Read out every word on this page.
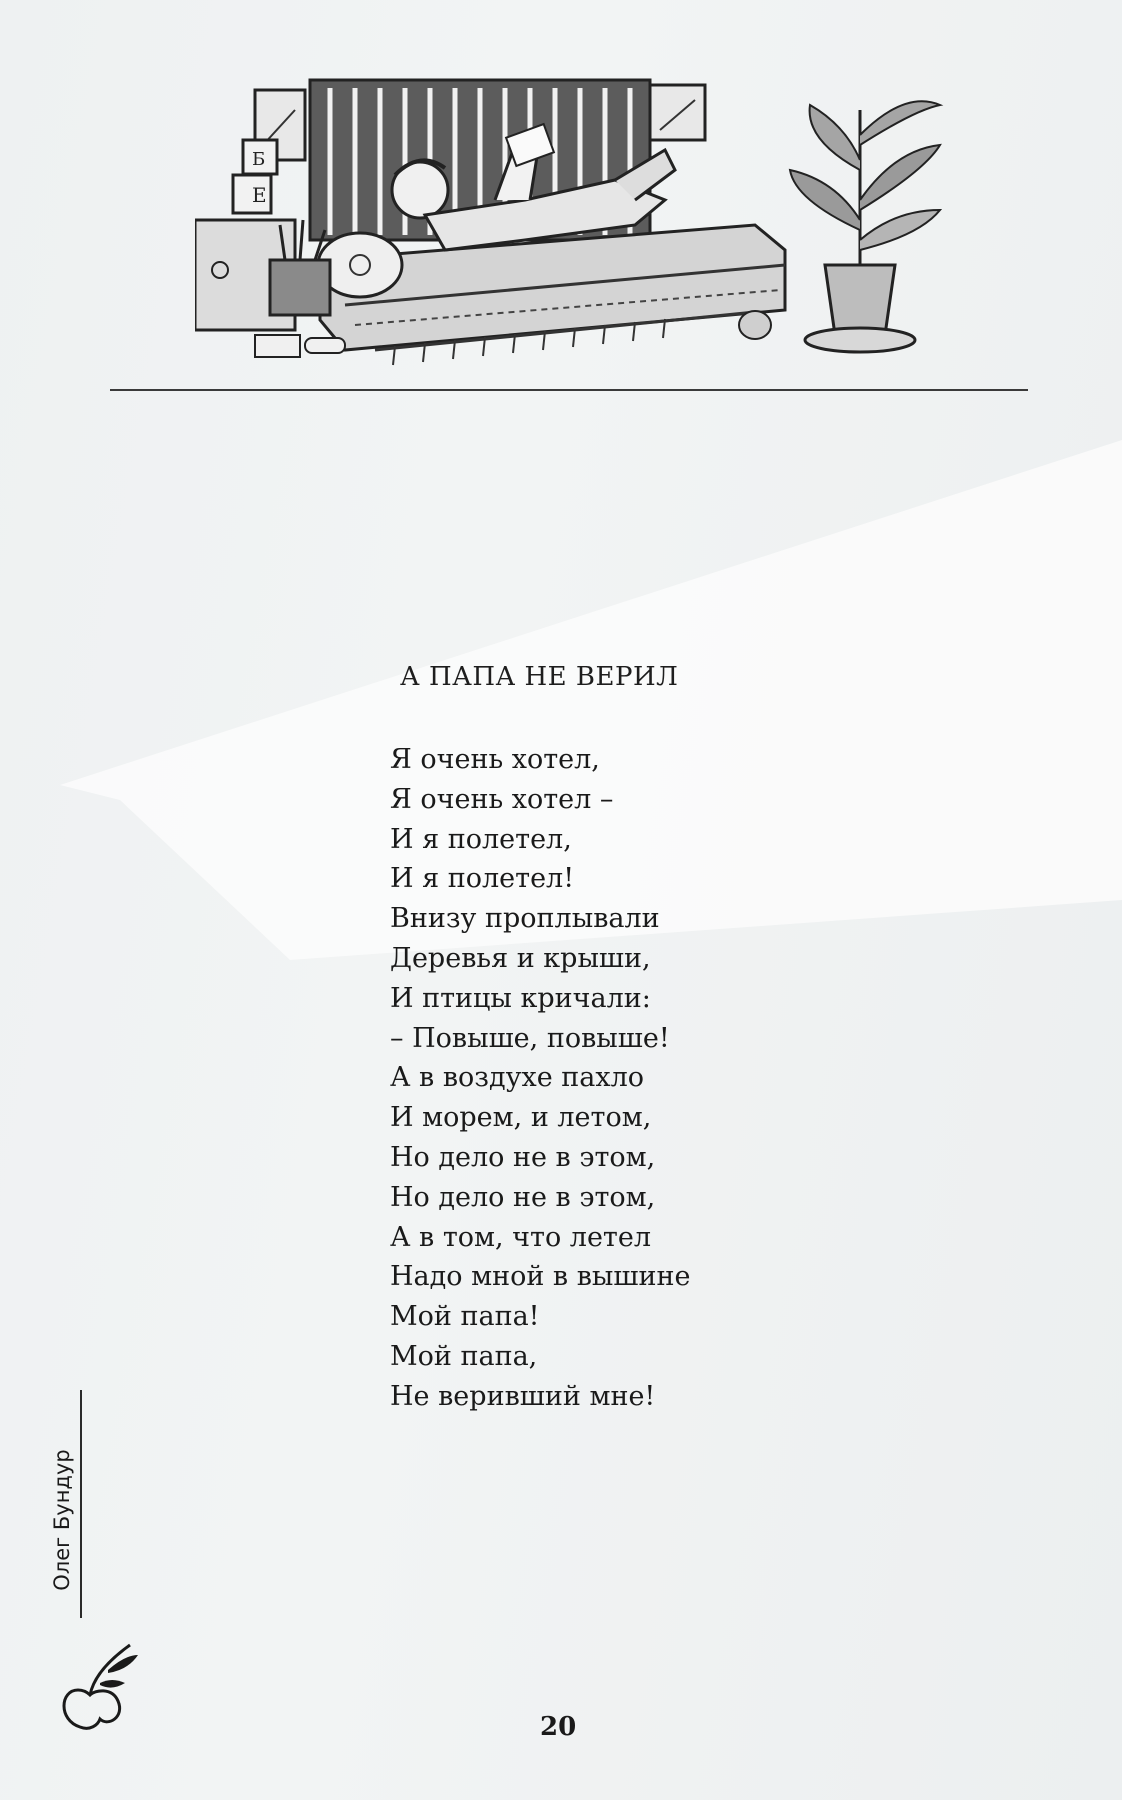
Е
Б
А ПАПА НЕ ВЕРИЛ
Я очень хотел,
Я очень хотел –
И я полетел,
И я полетел!
Внизу проплывали
Деревья и крыши,
И птицы кричали:
– Повыше, повыше!
А в воздухе пахло
И морем, и летом,
Но дело не в этом,
Но дело не в этом,
А в том, что летел
Надо мной в вышине
Мой папа!
Мой папа,
Не веривший мне!
Олег Бундур
20
